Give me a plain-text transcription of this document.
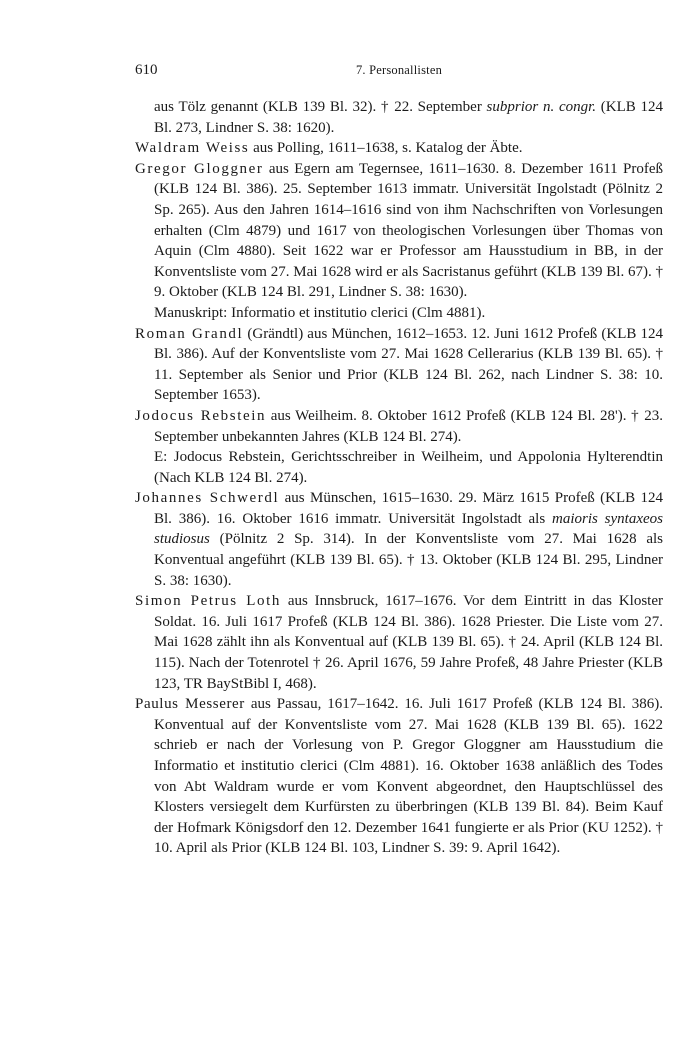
610	7. Personallisten

aus Tölz genannt (KLB 139 Bl. 32). † 22. September subprior n. congr. (KLB 124 Bl. 273, Lindner S. 38: 1620).

Waldram Weiss aus Polling, 1611–1638, s. Katalog der Äbte.

Gregor Gloggner aus Egern am Tegernsee, 1611–1630. 8. Dezember 1611 Profeß (KLB 124 Bl. 386). 25. September 1613 immatr. Universität Ingolstadt (Pölnitz 2 Sp. 265). Aus den Jahren 1614–1616 sind von ihm Nachschriften von Vorlesungen erhalten (Clm 4879) und 1617 von theologischen Vorlesungen über Thomas von Aquin (Clm 4880). Seit 1622 war er Professor am Hausstudium in BB, in der Konventsliste vom 27. Mai 1628 wird er als Sacristanus geführt (KLB 139 Bl. 67). † 9. Oktober (KLB 124 Bl. 291, Lindner S. 38: 1630).
Manuskript: Informatio et institutio clerici (Clm 4881).

Roman Grandl (Grändtl) aus München, 1612–1653. 12. Juni 1612 Profeß (KLB 124 Bl. 386). Auf der Konventsliste vom 27. Mai 1628 Cellerarius (KLB 139 Bl. 65). † 11. September als Senior und Prior (KLB 124 Bl. 262, nach Lindner S. 38: 10. September 1653).

Jodocus Rebstein aus Weilheim. 8. Oktober 1612 Profeß (KLB 124 Bl. 28'). † 23. September unbekannten Jahres (KLB 124 Bl. 274).
E: Jodocus Rebstein, Gerichtsschreiber in Weilheim, und Appolonia Hylterendtin (Nach KLB 124 Bl. 274).

Johannes Schwerdl aus Münschen, 1615–1630. 29. März 1615 Profeß (KLB 124 Bl. 386). 16. Oktober 1616 immatr. Universität Ingolstadt als maioris syntaxeos studiosus (Pölnitz 2 Sp. 314). In der Konventsliste vom 27. Mai 1628 als Konventual angeführt (KLB 139 Bl. 65). † 13. Oktober (KLB 124 Bl. 295, Lindner S. 38: 1630).

Simon Petrus Loth aus Innsbruck, 1617–1676. Vor dem Eintritt in das Kloster Soldat. 16. Juli 1617 Profeß (KLB 124 Bl. 386). 1628 Priester. Die Liste vom 27. Mai 1628 zählt ihn als Konventual auf (KLB 139 Bl. 65). † 24. April (KLB 124 Bl. 115). Nach der Totenrotel † 26. April 1676, 59 Jahre Profeß, 48 Jahre Priester (KLB 123, TR BayStBibl I, 468).

Paulus Messerer aus Passau, 1617–1642. 16. Juli 1617 Profeß (KLB 124 Bl. 386). Konventual auf der Konventsliste vom 27. Mai 1628 (KLB 139 Bl. 65). 1622 schrieb er nach der Vorlesung von P. Gregor Gloggner am Hausstudium die Informatio et institutio clerici (Clm 4881). 16. Oktober 1638 anläßlich des Todes von Abt Waldram wurde er vom Konvent abgeordnet, den Hauptschlüssel des Klosters versiegelt dem Kurfürsten zu überbringen (KLB 139 Bl. 84). Beim Kauf der Hofmark Königsdorf den 12. Dezember 1641 fungierte er als Prior (KU 1252). † 10. April als Prior (KLB 124 Bl. 103, Lindner S. 39: 9. April 1642).
